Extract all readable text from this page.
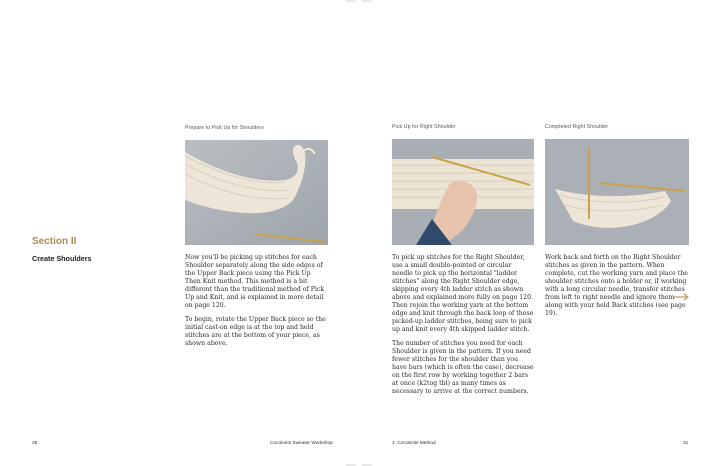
Section II
Create Shoulders
Prepare to Pick Up for Shoulders	Pick Up for Right Shoulder	Completed Right Shoulder

Now you'll be picking up stitches for each Shoulder separately along the side edges of the Upper Back piece using the Pick Up Then Knit method. This method is a bit different than the traditional method of Pick Up and Knit, and is explained in more detail on page 120.

To begin, rotate the Upper Back piece so the initial cast-on edge is at the top and held stitches are at the bottom of your piece, as shown above.

To pick up stitches for the Right Shoulder, use a small double-pointed or circular needle to pick up the horizontal "ladder stitches" along the Right Shoulder edge, skipping every 4th ladder stitch as shown above and explained more fully on page 120. Then rejoin the working yarn at the bottom edge and knit through the back loop of these picked-up ladder stitches, being sure to pick up and knit every 4th skipped ladder stitch.

The number of stitches you need for each Shoulder is given in the pattern. If you need fewer stitches for the shoulder than you have bars (which is often the case), decrease on the first row by working together 2 bars at once (k2tog tbl) as many times as necessary to arrive at the correct numbers.

Work back and forth on the Right Shoulder stitches as given in the pattern. When complete, cut the working yarn and place the shoulder stitches onto a holder or, if working with a long circular needle, transfer stitches from left to right needle and ignore them along with your held Back stitches (see page 19).

26	Cocoknits Sweater Workshop	1. Cocoknits Method	31
